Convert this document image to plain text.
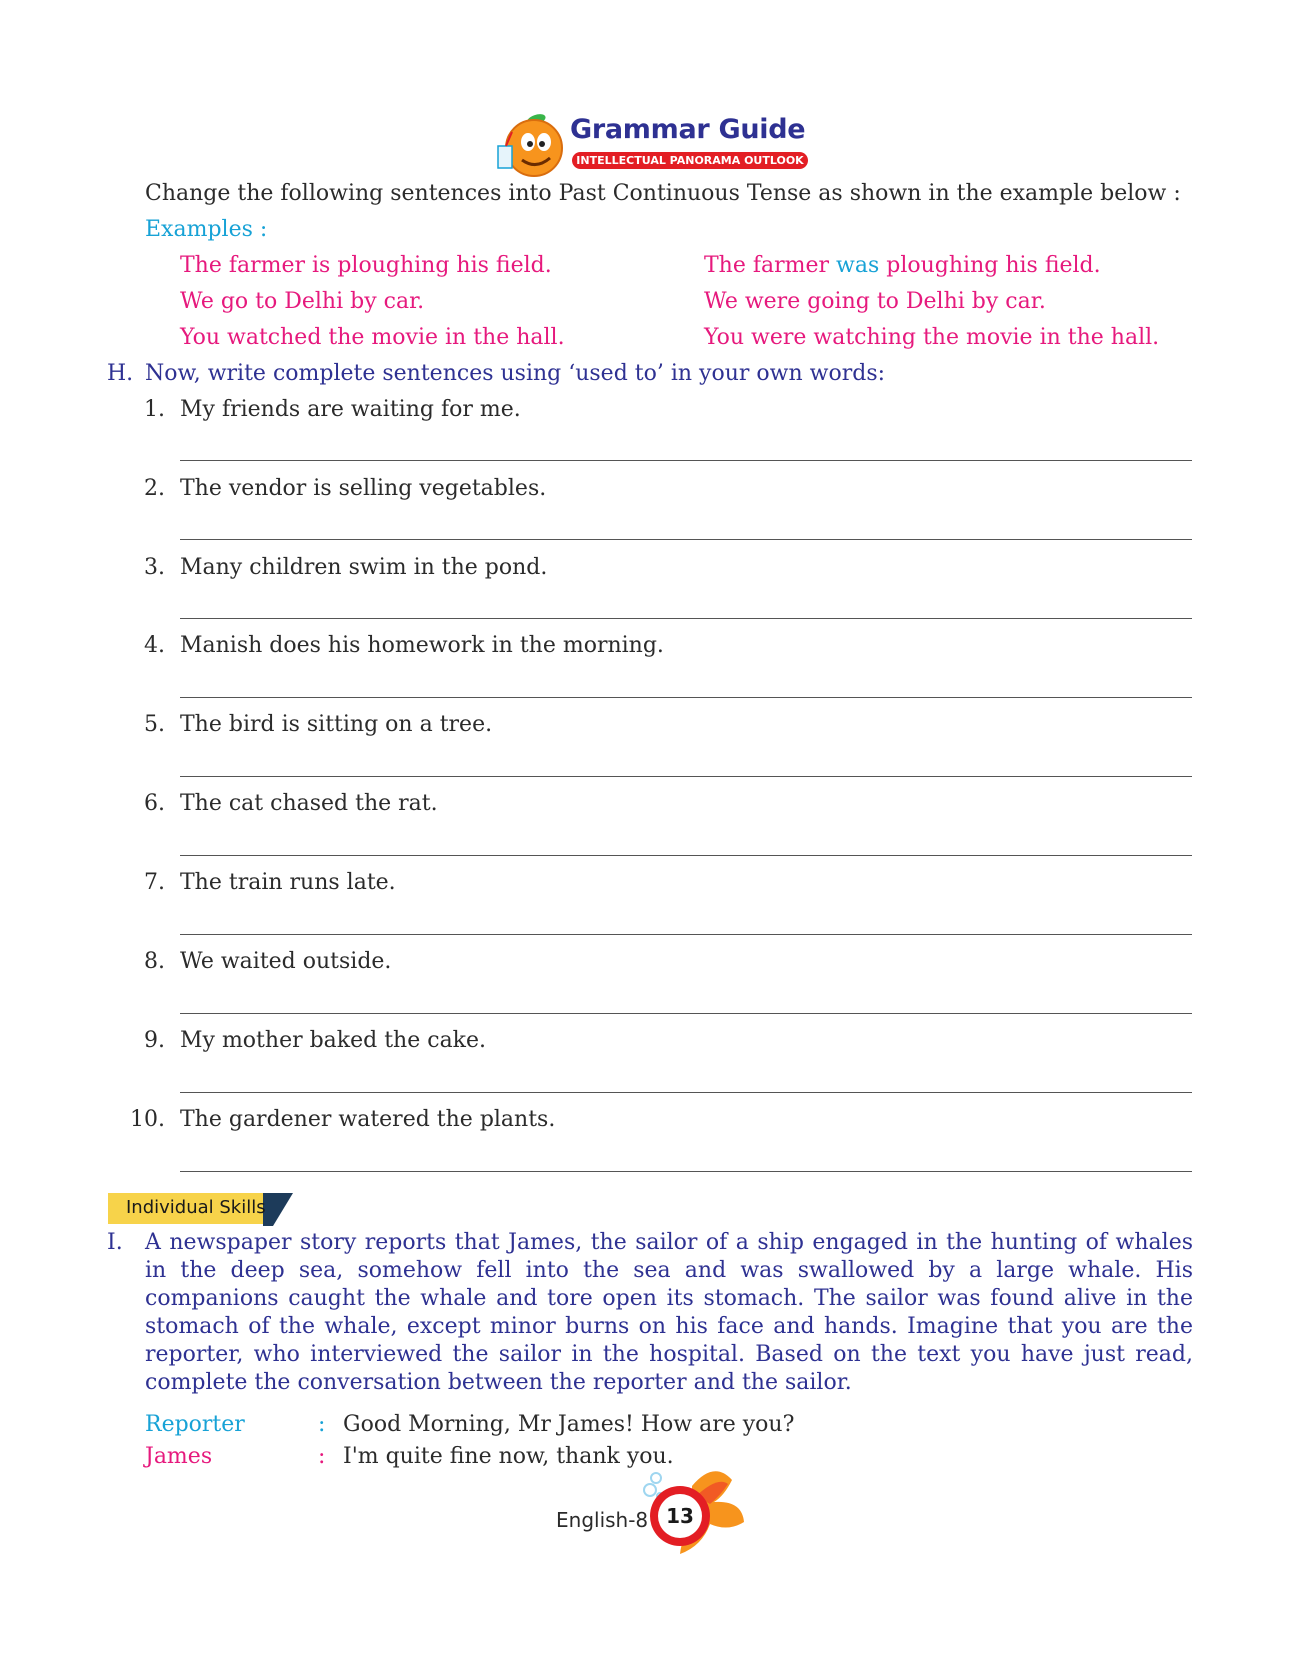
Grammar Guide
INTELLECTUAL PANORAMA OUTLOOK
Change the following sentences into Past Continuous Tense as shown in the example below :
Examples :
The farmer is ploughing his field.	The farmer was ploughing his field.
We go to Delhi by car.	We were going to Delhi by car.
You watched the movie in the hall.	You were watching the movie in the hall.
H. Now, write complete sentences using ‘used to’ in your own words:
1. My friends are waiting for me.
2. The vendor is selling vegetables.
3. Many children swim in the pond.
4. Manish does his homework in the morning.
5. The bird is sitting on a tree.
6. The cat chased the rat.
7. The train runs late.
8. We waited outside.
9. My mother baked the cake.
10. The gardener watered the plants.
Individual Skills
I. A newspaper story reports that James, the sailor of a ship engaged in the hunting of whales in the deep sea, somehow fell into the sea and was swallowed by a large whale. His companions caught the whale and tore open its stomach. The sailor was found alive in the stomach of the whale, except minor burns on his face and hands. Imagine that you are the reporter, who interviewed the sailor in the hospital. Based on the text you have just read, complete the conversation between the reporter and the sailor.
Reporter	: Good Morning, Mr James! How are you?
James	: I'm quite fine now, thank you.
English-8 13
